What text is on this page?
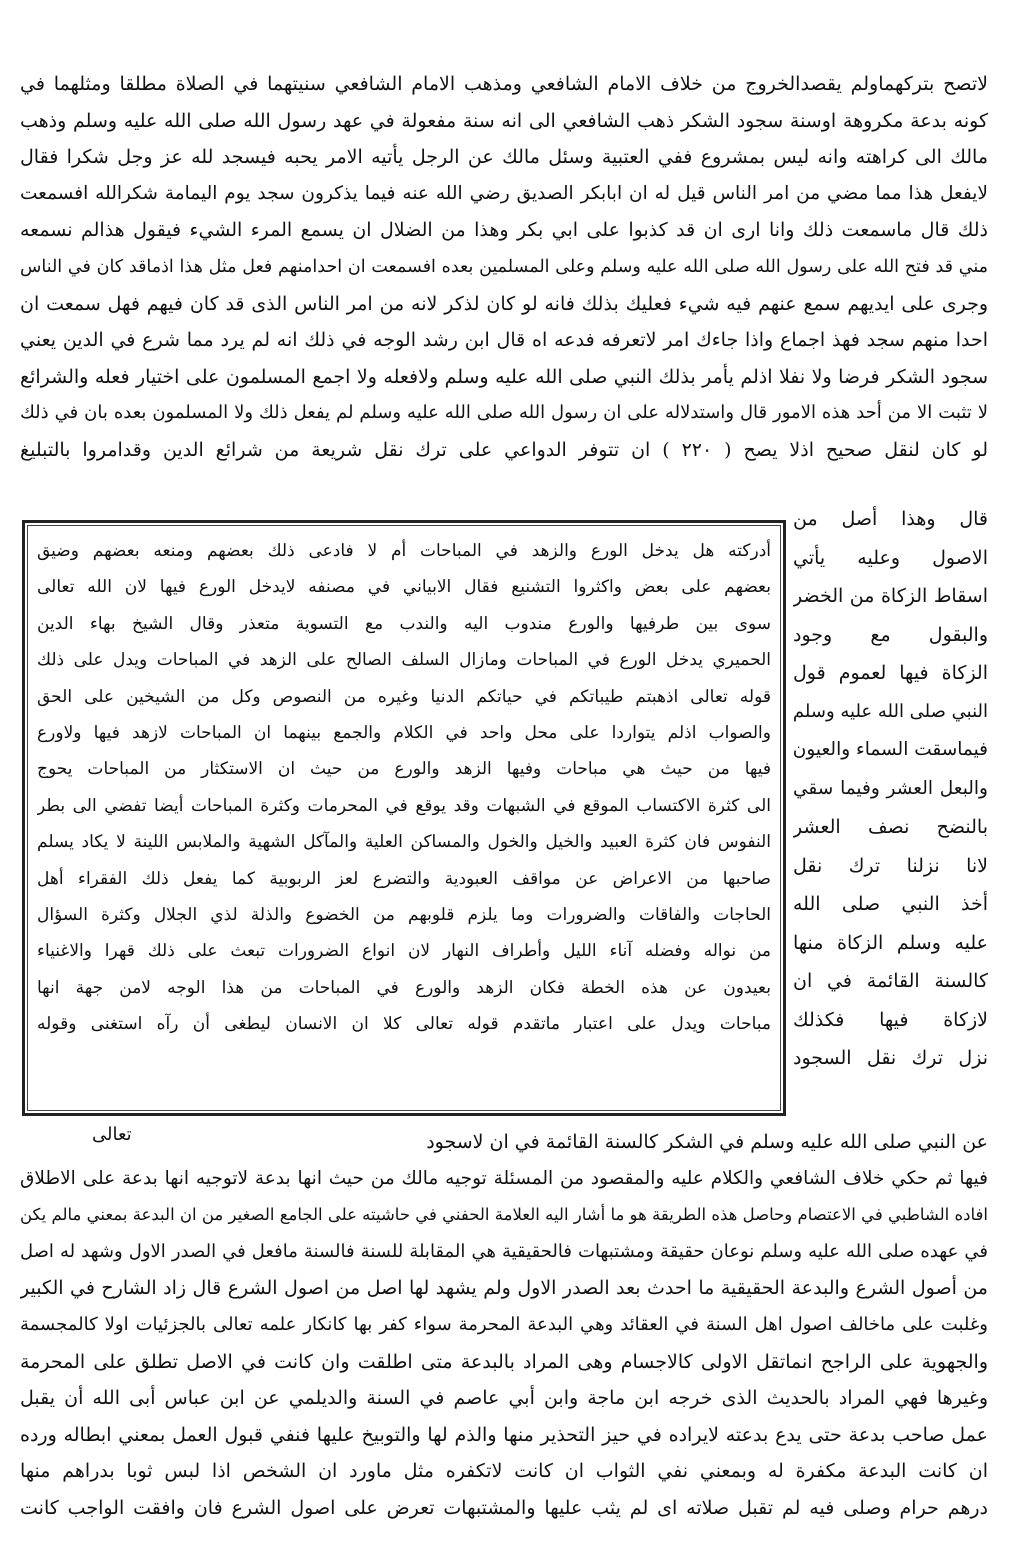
لاتصح بتركهماولم يقصدالخروج من خلاف الامام الشافعي ومذهب الامام الشافعي سنيتهما في الصلاة مطلقا ومثلهما في
كونه بدعة مكروهة اوسنة سجود الشكر ذهب الشافعي الى انه سنة مفعولة في عهد رسول الله صلى الله عليه وسلم وذهب
مالك الى كراهته وانه ليس بمشروع ففي العتبية وسئل مالك عن الرجل يأتيه الامر يحبه فيسجد لله عز وجل شكرا فقال
لايفعل هذا مما مضي من امر الناس قيل له ان ابابكر الصديق رضي الله عنه فيما يذكرون سجد يوم اليمامة شكرالله افسمعت
ذلك قال ماسمعت ذلك وانا ارى ان قد كذبوا على ابي بكر وهذا من الضلال ان يسمع المرء الشيء فيقول هذالم نسمعه
مني قد فتح الله على رسول الله صلى الله عليه وسلم وعلى المسلمين بعده افسمعت ان احدامنهم فعل مثل هذا اذماقد كان في الناس
وجرى على ايديهم سمع عنهم فيه شيء فعليك بذلك فانه لو كان لذكر لانه من امر الناس الذى قد كان فيهم فهل سمعت ان
احدا منهم سجد فهذ اجماع واذا جاءك امر لاتعرفه فدعه اه قال ابن رشد الوجه في ذلك انه لم يرد مما شرع في الدين يعني
سجود الشكر فرضا ولا نفلا اذلم يأمر بذلك النبي صلى الله عليه وسلم ولافعله ولا اجمع المسلمون على اختيار فعله والشرائع
لا تثبت الا من أحد هذه الامور قال واستدلاله على ان رسول الله صلى الله عليه وسلم لم يفعل ذلك ولا المسلمون بعده بان في ذلك
لو كان لنقل صحيح اذلا يصح ( ۲۲۰ ) ان تتوفر الدواعي على ترك نقل شريعة من شرائع الدين وقدامروا بالتبليغ
قال وهذا أصل من
الاصول وعليه يأتي
اسقاط الزكاة من الخضر
والبقول مع وجود
الزكاة فيها لعموم قول
النبي صلى الله عليه وسلم
فيماسقت السماء والعيون
والبعل العشر وفيما سقي
بالنضح نصف العشر
لانا نزلنا ترك نقل
أخذ النبي صلى الله
عليه وسلم الزكاة منها
كالسنة القائمة في ان
لازكاة فيها فكذلك
نزل ترك نقل السجود
أدركته هل يدخل الورع والزهد في المباحات أم لا فادعى ذلك بعضهم ومنعه بعضهم وضيق
بعضهم على بعض واكثروا التشنيع فقال الابياني في مصنفه لايدخل الورع فيها لان الله تعالى
سوى بين طرفيها والورع مندوب اليه والندب مع التسوية متعذر وقال الشيخ بهاء الدين
الحميري يدخل الورع في المباحات ومازال السلف الصالح على الزهد في المباحات ويدل على ذلك
قوله تعالى اذهبتم طيباتكم في حياتكم الدنيا وغيره من النصوص وكل من الشيخين على الحق
والصواب اذلم يتواردا على محل واحد في الكلام والجمع بينهما ان المباحات لازهد فيها ولاورع
فيها من حيث هي مباحات وفيها الزهد والورع من حيث ان الاستكثار من المباحات يحوج
الى كثرة الاكتساب الموقع في الشبهات وقد يوقع في المحرمات وكثرة المباحات أيضا تفضي الى بطر
النفوس فان كثرة العبيد والخيل والخول والمساكن العلية والمآكل الشهية والملابس اللينة لا يكاد يسلم
صاحبها من الاعراض عن مواقف العبودية والتضرع لعز الربوبية كما يفعل ذلك الفقراء أهل
الحاجات والفاقات والضرورات وما يلزم قلوبهم من الخضوع والذلة لذي الجلال وكثرة السؤال
من نواله وفضله آناء الليل وأطراف النهار لان انواع الضرورات تبعث على ذلك قهرا والاغنياء
بعيدون عن هذه الخطة فكان الزهد والورع في المباحات من هذا الوجه لامن جهة انها
مباحات ويدل على اعتبار ماتقدم قوله تعالى كلا ان الانسان ليطغى أن رآه استغنى وقوله
تعالى	عن النبي صلى الله عليه وسلم في الشكر كالسنة القائمة في ان لاسجود
فيها ثم حكي خلاف الشافعي والكلام عليه والمقصود من المسئلة توجيه مالك من حيث انها بدعة لاتوجيه انها بدعة على الاطلاق
افاده الشاطبي في الاعتصام وحاصل هذه الطريقة هو ما أشار اليه العلامة الحفني في حاشيته على الجامع الصغير من ان البدعة بمعني مالم يكن
في عهده صلى الله عليه وسلم نوعان حقيقة ومشتبهات فالحقيقية هي المقابلة للسنة فالسنة مافعل في الصدر الاول وشهد له اصل
من أصول الشرع والبدعة الحقيقية ما احدث بعد الصدر الاول ولم يشهد لها اصل من اصول الشرع قال زاد الشارح في الكبير
وغلبت على ماخالف اصول اهل السنة في العقائد وهي البدعة المحرمة سواء كفر بها كانكار علمه تعالى بالجزئيات اولا كالمجسمة
والجهوية على الراجح انماتقل الاولى كالاجسام وهى المراد بالبدعة متى اطلقت وان كانت في الاصل تطلق على المحرمة
وغيرها فهي المراد بالحديث الذى خرجه ابن ماجة وابن أبي عاصم في السنة والديلمي عن ابن عباس أبى الله أن يقبل
عمل صاحب بدعة حتى يدع بدعته لايراده في حيز التحذير منها والذم لها والتوبيخ عليها فنفي قبول العمل بمعني ابطاله ورده
ان كانت البدعة مكفرة له وبمعني نفي الثواب ان كانت لاتكفره مثل ماورد ان الشخص اذا لبس ثوبا بدراهم منها
درهم حرام وصلى فيه لم تقبل صلاته اى لم يثب عليها والمشتبهات تعرض على اصول الشرع فان وافقت الواجب كانت
